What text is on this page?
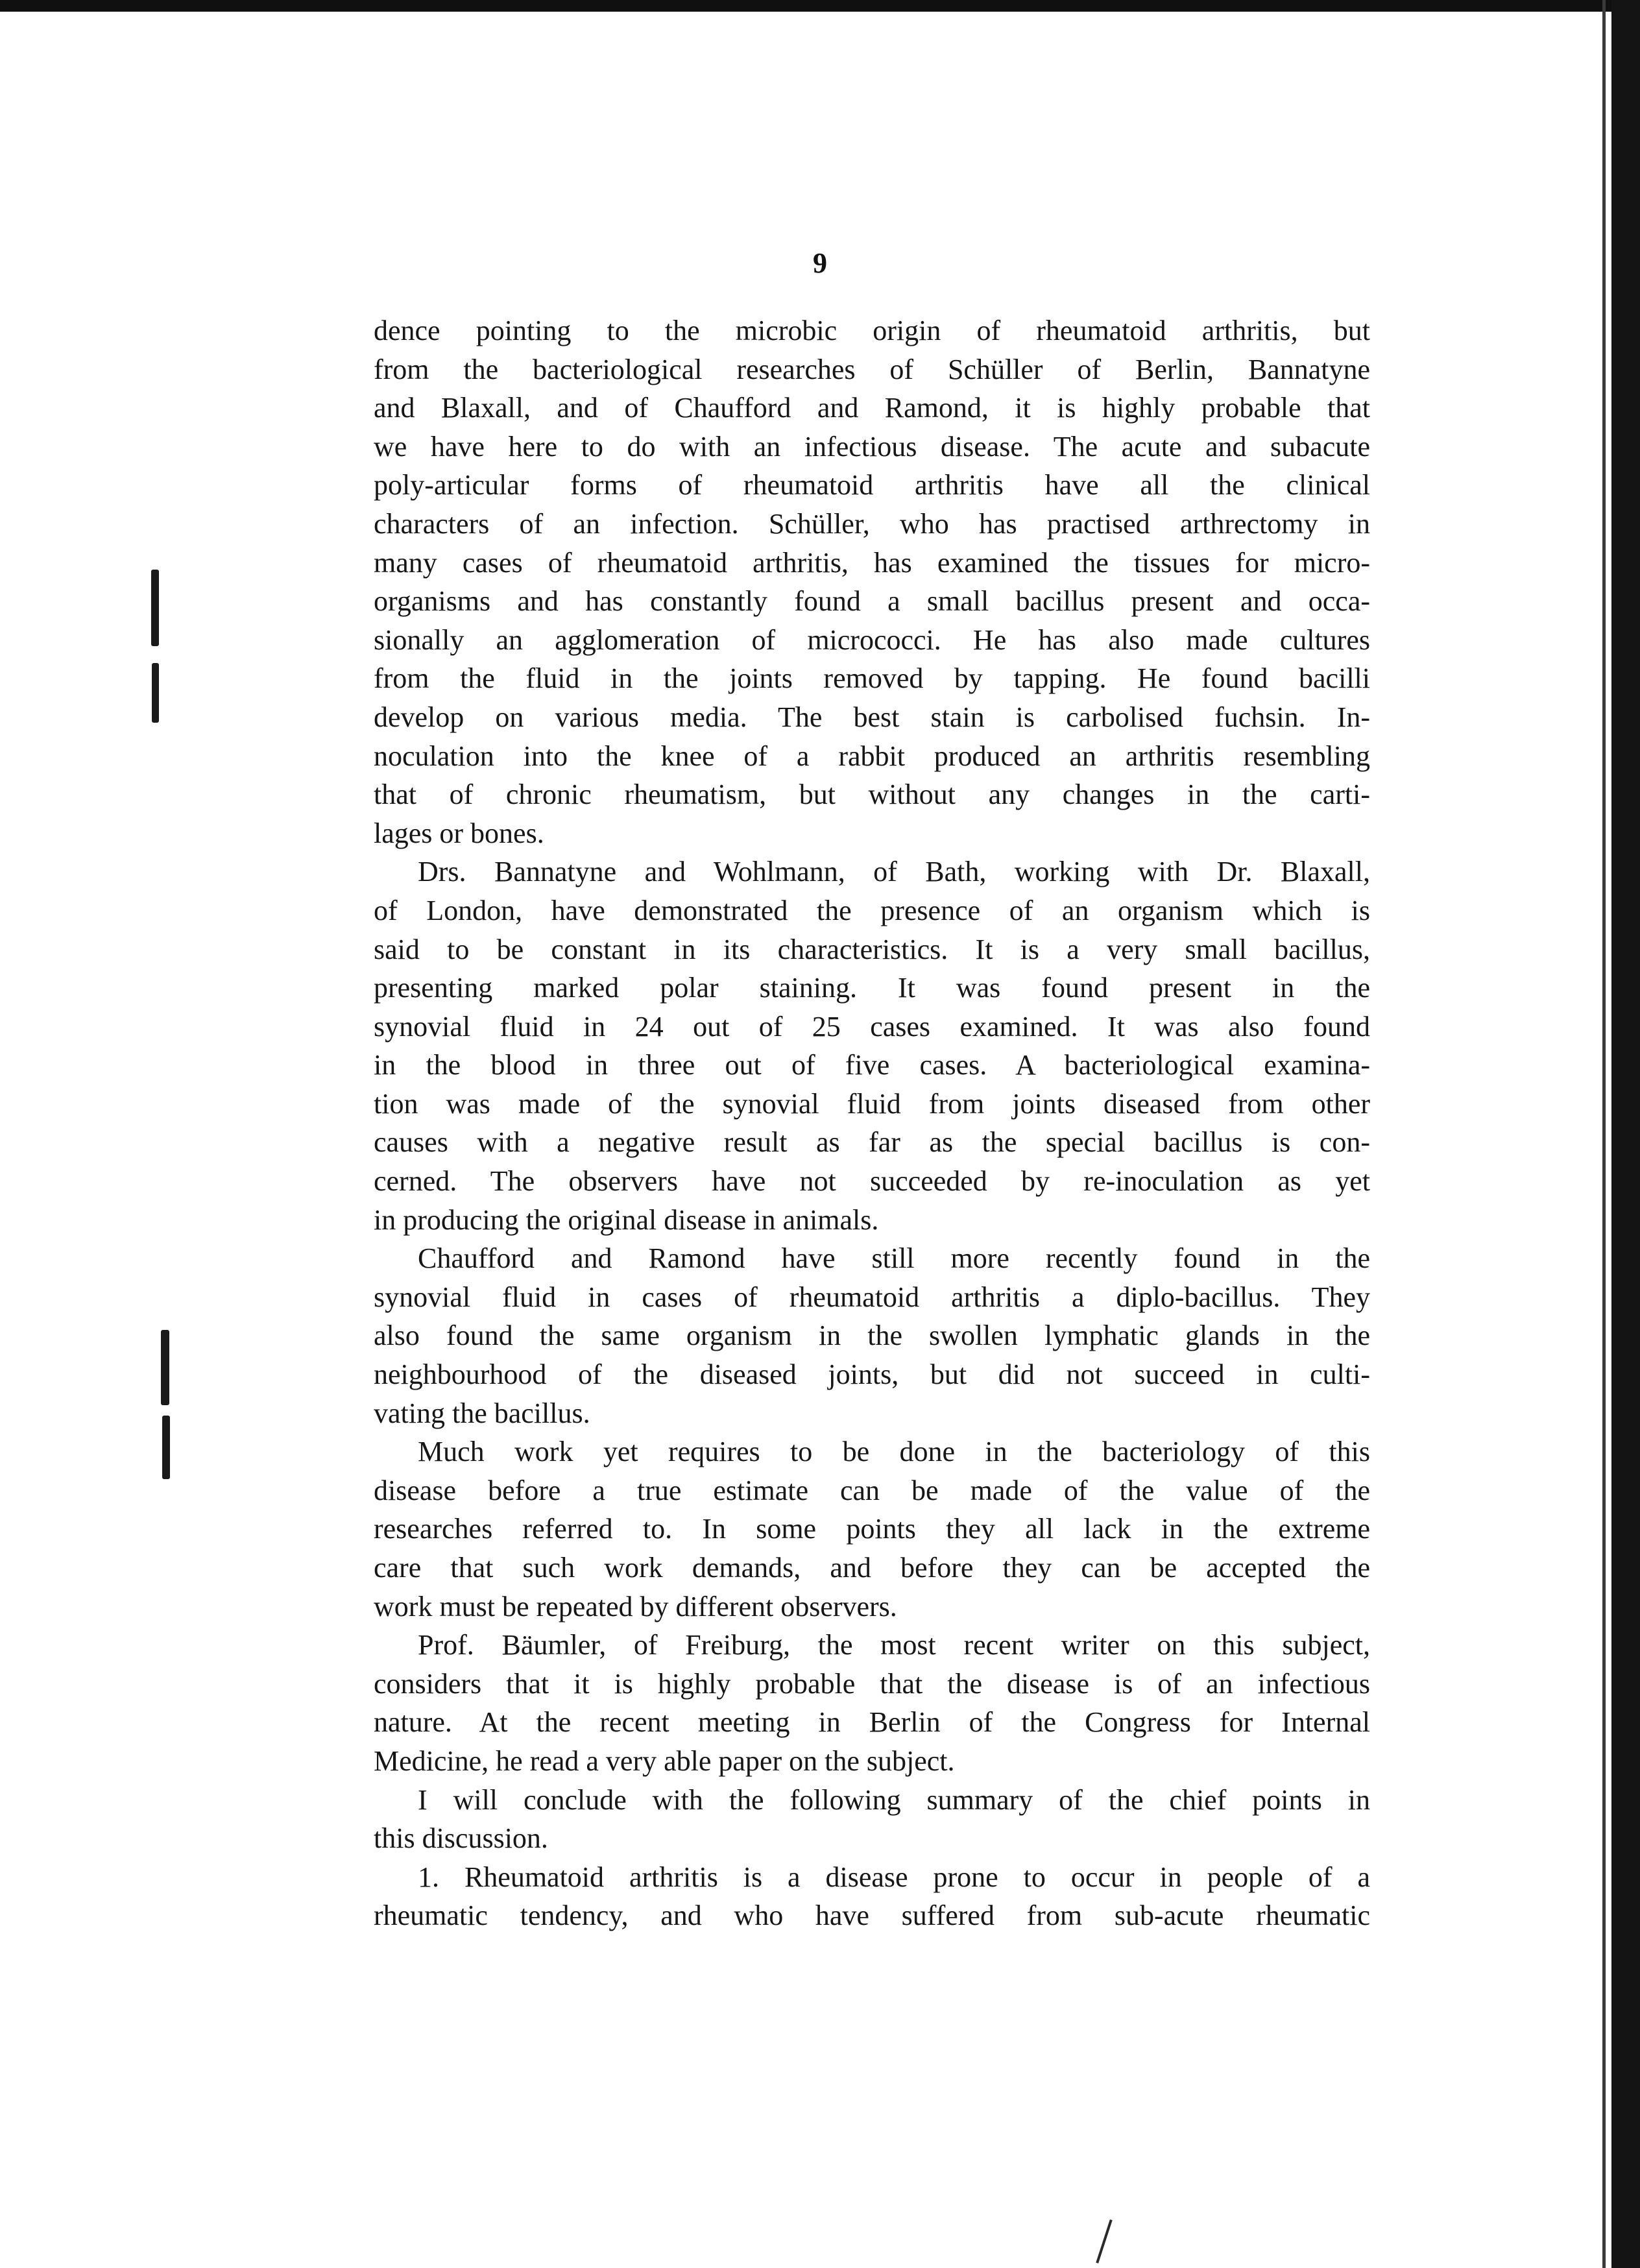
9
dence pointing to the microbic origin of rheumatoid arthritis, but
from the bacteriological researches of Schüller of Berlin, Bannatyne
and Blaxall, and of Chaufford and Ramond, it is highly probable that
we have here to do with an infectious disease. The acute and subacute
poly-articular forms of rheumatoid arthritis have all the clinical
characters of an infection. Schüller, who has practised arthrectomy in
many cases of rheumatoid arthritis, has examined the tissues for micro-
organisms and has constantly found a small bacillus present and occa-
sionally an agglomeration of micrococci. He has also made cultures
from the fluid in the joints removed by tapping. He found bacilli
develop on various media. The best stain is carbolised fuchsin. In-
noculation into the knee of a rabbit produced an arthritis resembling
that of chronic rheumatism, but without any changes in the carti-
lages or bones.
Drs. Bannatyne and Wohlmann, of Bath, working with Dr. Blaxall,
of London, have demonstrated the presence of an organism which is
said to be constant in its characteristics. It is a very small bacillus,
presenting marked polar staining. It was found present in the
synovial fluid in 24 out of 25 cases examined. It was also found
in the blood in three out of five cases. A bacteriological examina-
tion was made of the synovial fluid from joints diseased from other
causes with a negative result as far as the special bacillus is con-
cerned. The observers have not succeeded by re-inoculation as yet
in producing the original disease in animals.
Chaufford and Ramond have still more recently found in the
synovial fluid in cases of rheumatoid arthritis a diplo-bacillus. They
also found the same organism in the swollen lymphatic glands in the
neighbourhood of the diseased joints, but did not succeed in culti-
vating the bacillus.
Much work yet requires to be done in the bacteriology of this
disease before a true estimate can be made of the value of the
researches referred to. In some points they all lack in the extreme
care that such work demands, and before they can be accepted the
work must be repeated by different observers.
Prof. Bäumler, of Freiburg, the most recent writer on this subject,
considers that it is highly probable that the disease is of an infectious
nature. At the recent meeting in Berlin of the Congress for Internal
Medicine, he read a very able paper on the subject.
I will conclude with the following summary of the chief points in
this discussion.
1. Rheumatoid arthritis is a disease prone to occur in people of a
rheumatic tendency, and who have suffered from sub-acute rheumatic
